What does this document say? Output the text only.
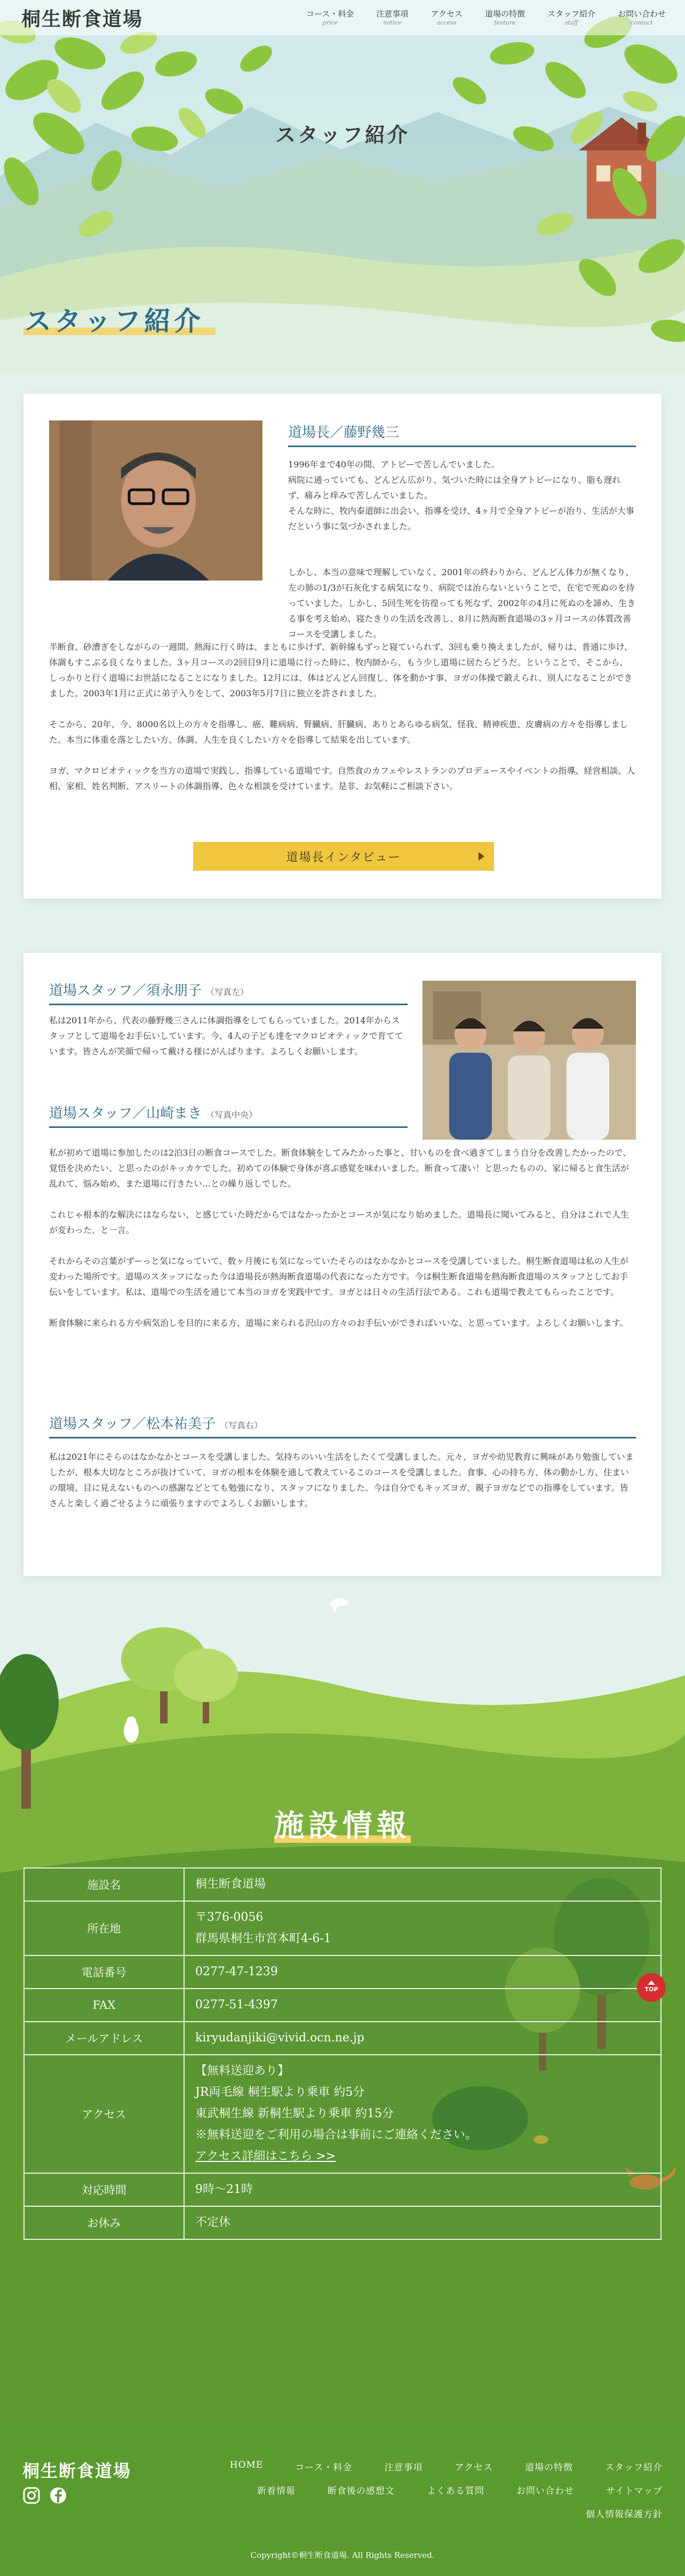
桐生断食道場	コース・料金
price
注意事項
notice
アクセス
access
道場の特徴
feature
スタッフ紹介
staff
お問い合わせ
contact
スタッフ紹介
スタッフ紹介
道場長／藤野幾三

1996年まで40年の間、アトピーで苦しんでいました。

病院に通っていても、どんどん広がり、気づいた時には全身アトピーになり、脂も遅れず、痛みと痒みで苦しんでいました。

そんな時に、牧内泰道師に出会い、指導を受け、4ヶ月で全身アトピーが治り、生活が大事だという事に気づかされました。

しかし、本当の意味で理解していなく、2001年の終わりから、どんどん体力が無くなり、左の肺の1/3が石灰化する病気になり、病院では治らないということで、在宅で死ぬのを待っていました。しかし、5回生死を彷徨っても死なず、2002年の4月に死ぬのを諦め、生きる事を考え始め、寝たきりの生活を改善し、8月に熱海断食道場の3ヶ月コースの体質改善コースを受講しました。

半断食、砂漕ぎをしながらの一週間。熱海に行く時は、まともに歩けず、新幹線もずっと寝ていられず、3回も乗り換えましたが、帰りは、普通に歩け、体調もすこぶる良くなりました。3ヶ月コースの2回目9月に道場に行った時に、牧内師から、もう少し道場に居たらどうだ。ということで、そこから、しっかりと行く道場にお世話になることになりました。12月には、体はどんどん回復し、体を動かす事、ヨガの体操で鍛えられ、別人になることができました。2003年1月に正式に弟子入りをして、2003年5月7日に独立を許されました。

そこから、20年、今、8000名以上の方々を指導し、癌、難病病、腎臓病、肝臓病、ありとあらゆる病気、怪我、精神疾患、皮膚病の方々を指導しました。本当に体重を落としたい方、体調、人生を良くしたい方々を指導して結果を出しています。

ヨガ、マクロビオティックを当方の道場で実践し、指導している道場です。自然食のカフェやレストランのプロデュースやイベントの指導、経営相談、人相、家相、姓名判断、アスリートの体調指導、色々な相談を受けています。是非、お気軽にご相談下さい。

道場長インタビュー
道場スタッフ／須永朋子 （写真左）

私は2011年から、代表の藤野幾三さんに体調指導をしてもらっていました。2014年からスタッフとして道場をお手伝いしています。今、4人の子ども達をマクロビオティックで育てています。皆さんが笑顔で帰って戴ける様にがんばります。よろしくお願いします。

道場スタッフ／山崎まき （写真中央）

私が初めて道場に参加したのは2泊3日の断食コースでした。断食体験をしてみたかった事と、甘いものを食べ過ぎてしまう自分を改善したかったので、覚悟を決めたい、と思ったのがキッカケでした。初めての体験で身体が喜ぶ感覚を味わいました。断食って凄い！と思ったものの、家に帰ると食生活が乱れて、悩み始め、また道場に行きたい…との繰り返しでした。

これじゃ根本的な解決にはならない、と感じていた時だからではなかったかとコースが気になり始めました。道場長に聞いてみると、自分はこれで人生が変わった、と一言。

それからその言葉がずーっと気になっていて、数ヶ月後にも気になっていたそらのはなかなかとコースを受講していました。桐生断食道場は私の人生が変わった場所です。道場のスタッフになった今は道場長が熱海断食道場の代表になった方です。今は桐生断食道場を熱海断食道場のスタッフとしてお手伝いをしています。私は、道場での生活を通じて本当のヨガを実践中です。ヨガとは日々の生活行法である。これも道場で教えてもらったことです。

断食体験に来られる方や病気治しを目的に来る方、道場に来られる沢山の方々のお手伝いができればいいな、と思っています。よろしくお願いします。

道場スタッフ／松本祐美子 （写真右）

私は2021年にそらのはなかなかとコースを受講しました。気持ちのいい生活をしたくて受講しました。元々、ヨガや幼児教育に興味があり勉強していましたが、根本大切なところが抜けていて、ヨガの根本を体験を通して教えているこのコースを受講しました。食事、心の持ち方、体の動かし方、住まいの環境、目に見えないものへの感謝などとても勉強になり、スタッフになりました。今は自分でもキッズヨガ、親子ヨガなどでの指導をしています。皆さんと楽しく過ごせるように頑張りますのでよろしくお願いします。

施設情報
施設名	桐生断食道場
所在地	〒376-0056
群馬県桐生市宮本町4-6-1

電話番号	0277-47-1239
FAX	0277-51-4397
メールアドレス	kiryudanjiki@vivid.ocn.ne.jp
アクセス	【無料送迎あり】
JR両毛線 桐生駅より乗車 約5分
東武桐生線 新桐生駅より乗車 約15分
※無料送迎をご利用の場合は事前にご連絡ください。
アクセス詳細はこちら >>

対応時間	9時〜21時
お休み	不定休
TOP
桐生断食道場	HOME	コース・料金	注意事項	アクセス	道場の特徴	スタッフ紹介
新着情報	断食後の感想文	よくある質問	お問い合わせ	サイトマップ
個人情報保護方針
Copyright©桐生断食道場. All Rights Reserved.
